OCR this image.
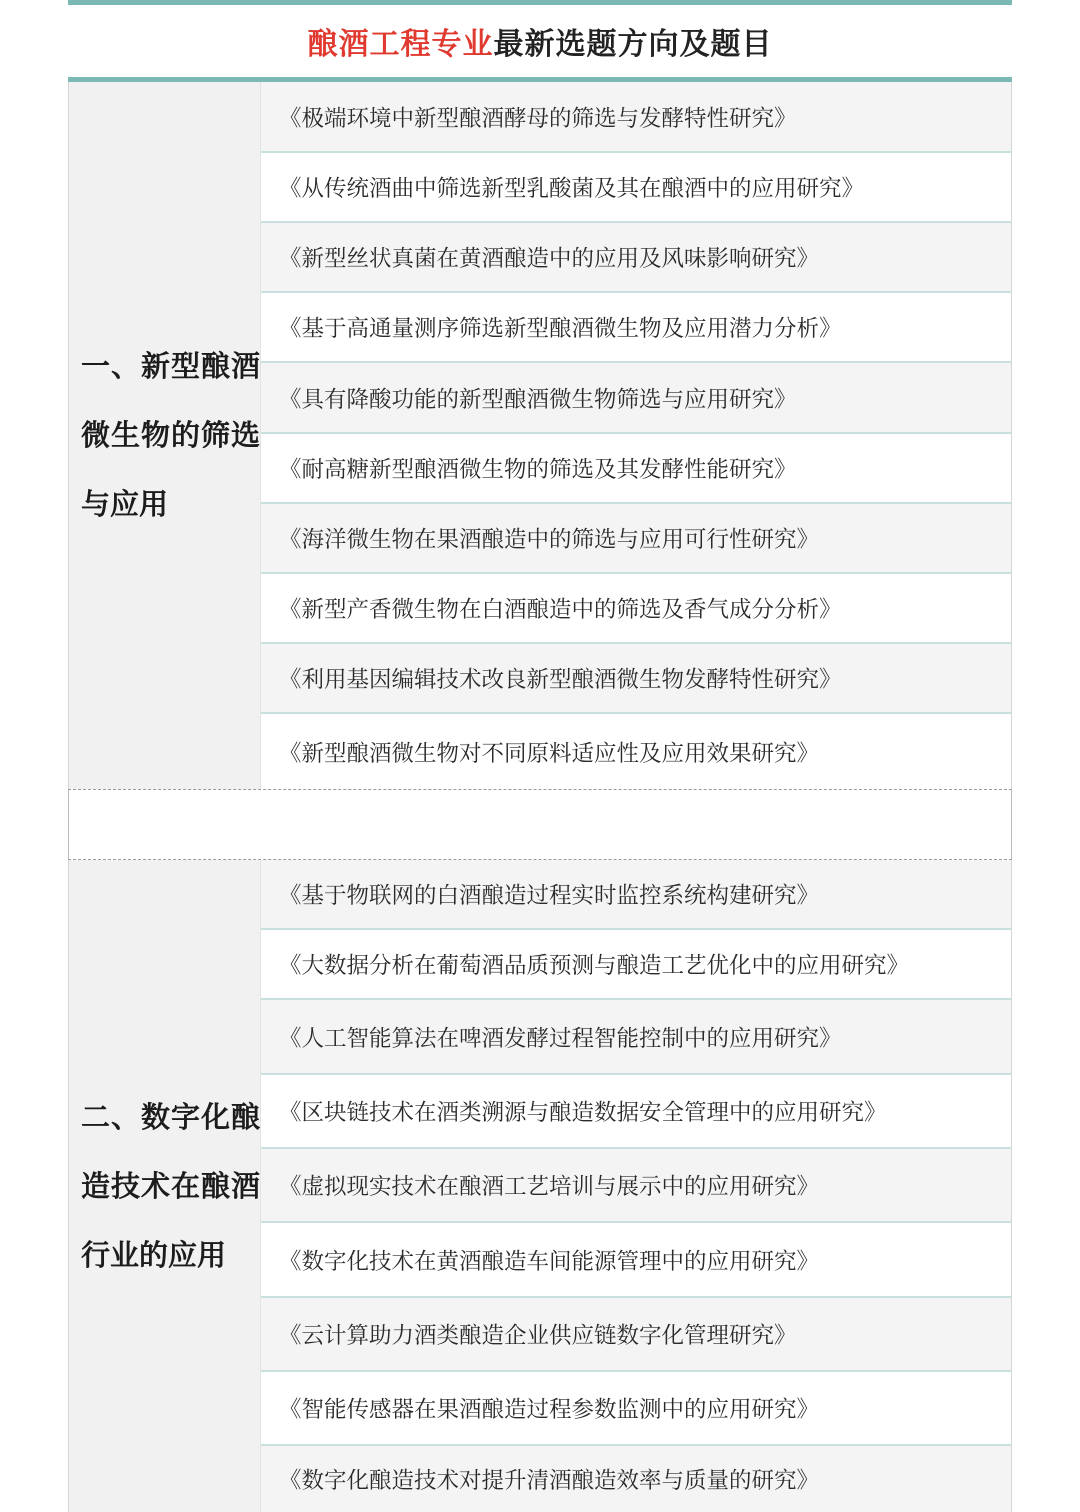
酿酒工程专业 最新选题方向及题目
一、新型酿酒微生物的筛选与应用
《极端环境中新型酿酒酵母的筛选与发酵特性研究》
《从传统酒曲中筛选新型乳酸菌及其在酿酒中的应用研究》
《新型丝状真菌在黄酒酿造中的应用及风味影响研究》
《基于高通量测序筛选新型酿酒微生物及应用潜力分析》
《具有降酸功能的新型酿酒微生物筛选与应用研究》
《耐高糖新型酿酒微生物的筛选及其发酵性能研究》
《海洋微生物在果酒酿造中的筛选与应用可行性研究》
《新型产香微生物在白酒酿造中的筛选及香气成分分析》
《利用基因编辑技术改良新型酿酒微生物发酵特性研究》
《新型酿酒微生物对不同原料适应性及应用效果研究》
二、数字化酿造技术在酿酒行业的应用
《基于物联网的白酒酿造过程实时监控系统构建研究》
《大数据分析在葡萄酒品质预测与酿造工艺优化中的应用研究》
《人工智能算法在啤酒发酵过程智能控制中的应用研究》
《区块链技术在酒类溯源与酿造数据安全管理中的应用研究》
《虚拟现实技术在酿酒工艺培训与展示中的应用研究》
《数字化技术在黄酒酿造车间能源管理中的应用研究》
《云计算助力酒类酿造企业供应链数字化管理研究》
《智能传感器在果酒酿造过程参数监测中的应用研究》
《数字化酿造技术对提升清酒酿造效率与质量的研究》
